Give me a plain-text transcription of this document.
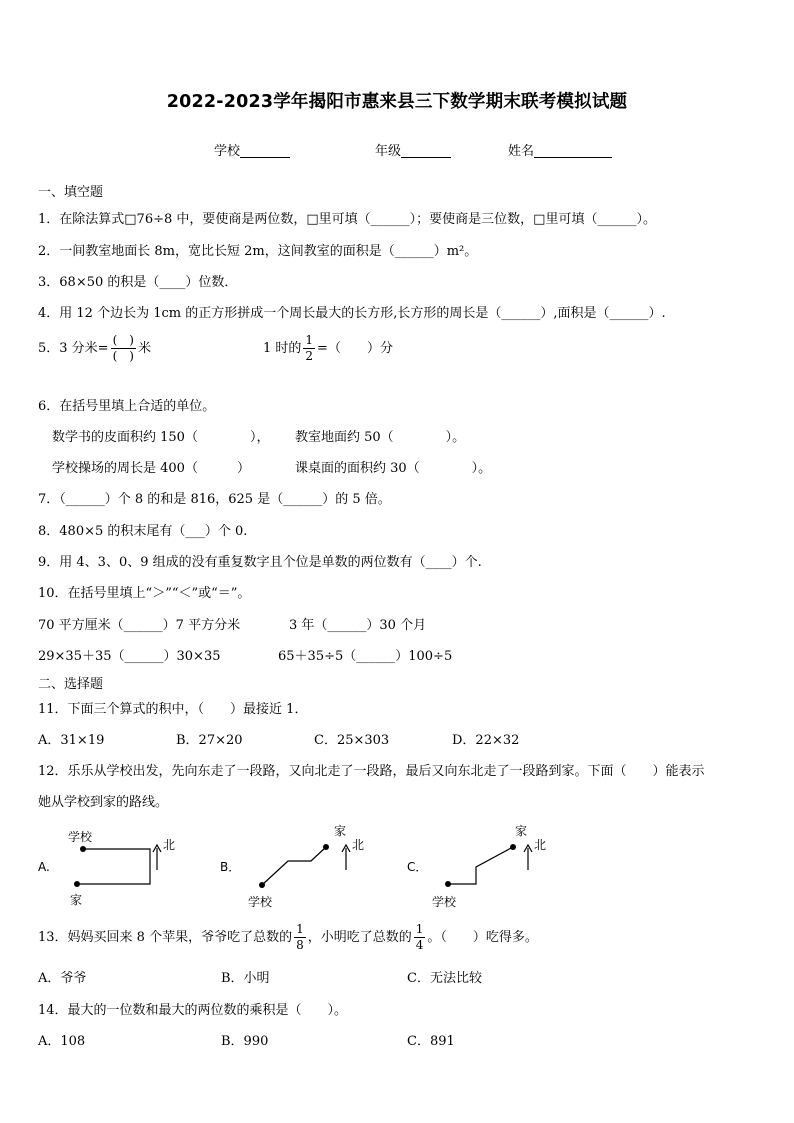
2022-2023学年揭阳市惠来县三下数学期末联考模拟试题
学校	年级	姓名
一、填空题
1．在除法算式□76÷8 中，要使商是两位数，□里可填（______）；要使商是三位数，□里可填（______）。
2．一间教室地面长 8m，宽比长短 2m，这间教室的面积是（______）m²。
3．68×50 的积是（____）位数．
4．用 12 个边长为 1cm 的正方形拼成一个周长最大的长方形,长方形的周长是（______）,面积是（______）.
5．3 分米= $\frac{( )}{( )}$ 米	1 时的 $\frac{1}{2}$ =（　　）分
6．在括号里填上合适的单位。
数学书的皮面积约 150（　　　　）， 教室地面约 50（　　　　）。
学校操场的周长是 400（　　　）	课桌面的面积约 30（　　　　）。
7．（______）个 8 的和是 816，625 是（______）的 5 倍。
8．480×5 的积末尾有（___）个 0.
9．用 4、3、0、9 组成的没有重复数字且个位是单数的两位数有（____）个.
10．在括号里填上“＞”“＜”或“＝”。
70 平方厘米（______）7 平方分米	3 年（______）30 个月
29×35＋35（______）30×35	65＋35÷5（______）100÷5
二、选择题
11．下面三个算式的积中，（　　）最接近 1．
A．31×19	B．27×20	C．25×303	D．22×32
12．乐乐从学校出发，先向东走了一段路，又向北走了一段路，最后又向东北走了一段路到家。下面（　　）能表示
她从学校到家的路线。
A.
学校
家
北
B．
学校
家
北
C．
学校
家
北
13．妈妈买回来 8 个苹果，爷爷吃了总数的 $\frac{1}{8}$ ，小明吃了总数的 $\frac{1}{4}$ 。（　　）吃得多。
A．爷爷	B．小明	C．无法比较
14．最大的一位数和最大的两位数的乘积是（　　）。
A．108	B．990	C．891
